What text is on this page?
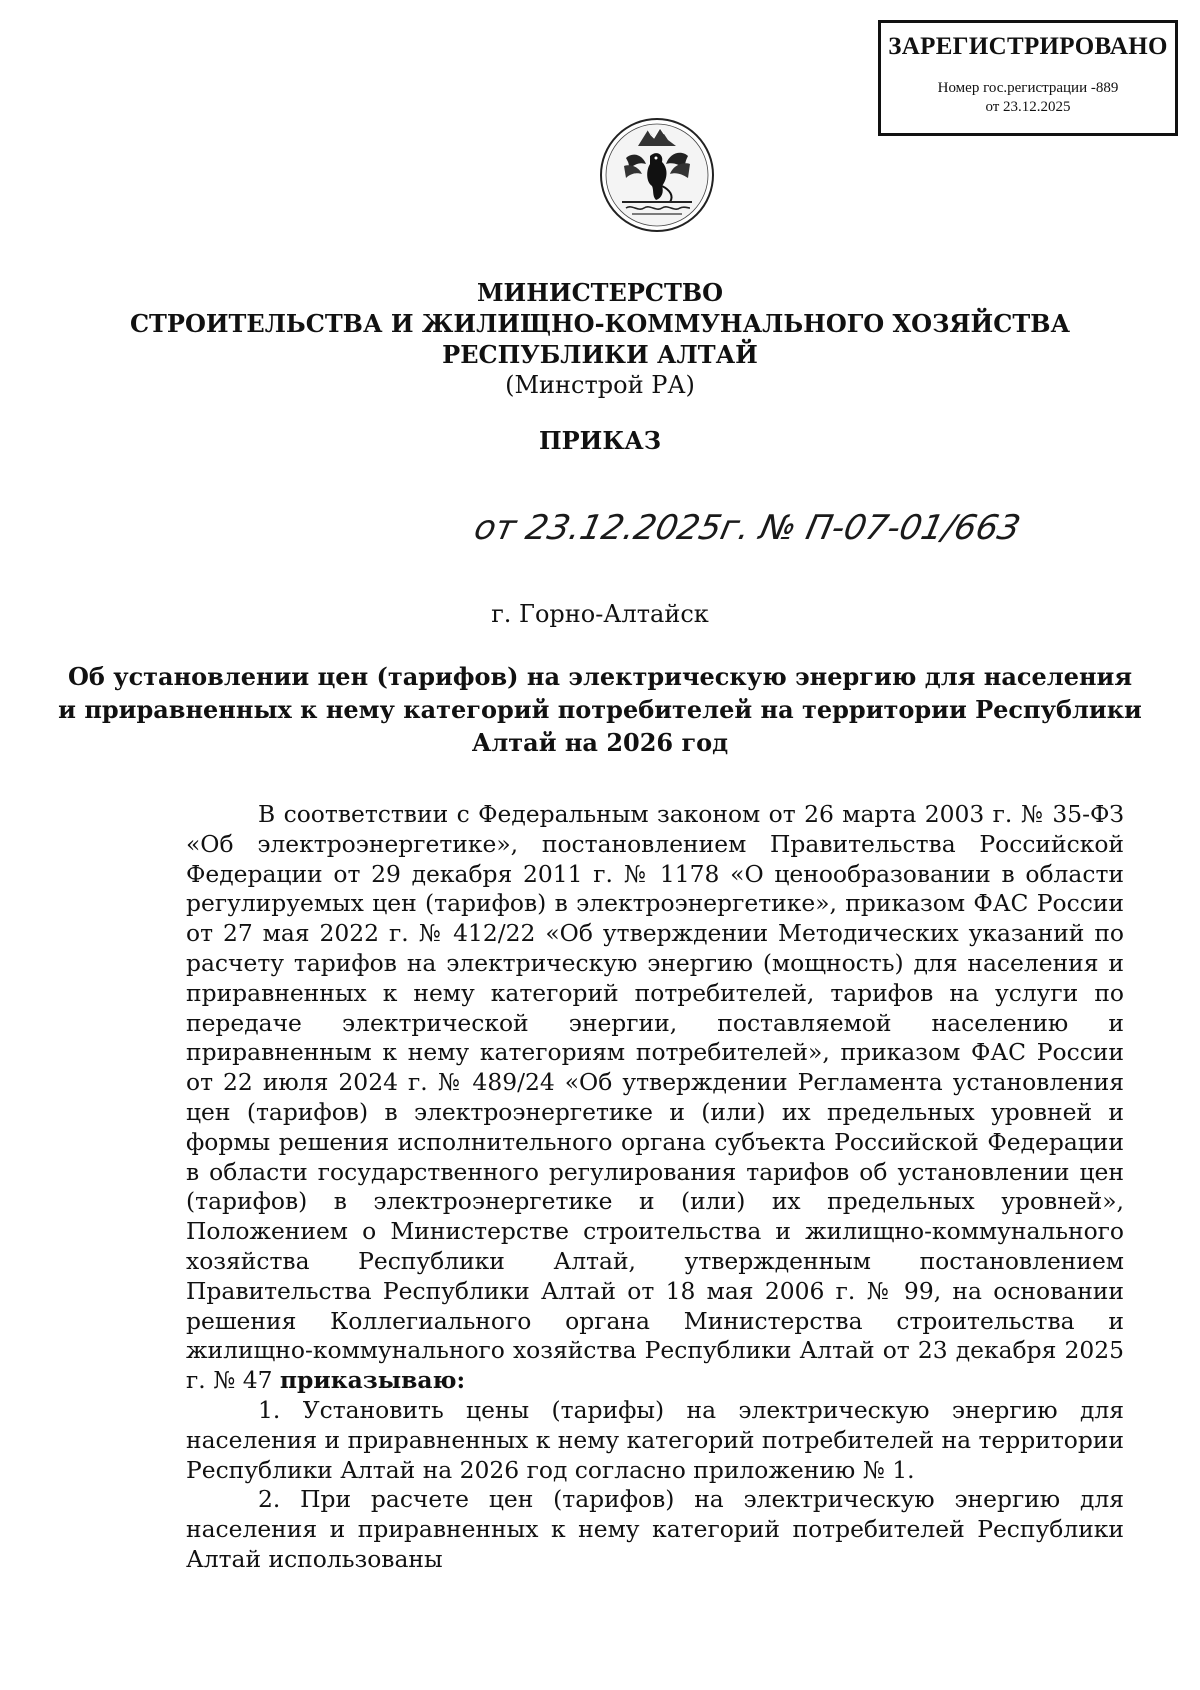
ЗАРЕГИСТРИРОВАНО
Номер гос.регистрации -889
от 23.12.2025
МИНИСТЕРСТВО
СТРОИТЕЛЬСТВА И ЖИЛИЩНО-КОММУНАЛЬНОГО ХОЗЯЙСТВА
РЕСПУБЛИКИ АЛТАЙ
(Минстрой РА)
ПРИКАЗ
от 23.12.2025г. № П-07-01/663
г. Горно-Алтайск
Об установлении цен (тарифов) на электрическую энергию для населения
и приравненных к нему категорий потребителей на территории Республики
Алтай на 2026 год

В соответствии с Федеральным законом от 26 марта 2003 г. № 35-ФЗ «Об электроэнергетике», постановлением Правительства Российской Федерации от 29 декабря 2011 г. № 1178 «О ценообразовании в области регулируемых цен (тарифов) в электроэнергетике», приказом ФАС России от 27 мая 2022 г. № 412/22 «Об утверждении Методических указаний по расчету тарифов на электрическую энергию (мощность) для населения и приравненных к нему категорий потребителей, тарифов на услуги по передаче электрической энергии, поставляемой населению и приравненным к нему категориям потребителей», приказом ФАС России от 22 июля 2024 г. № 489/24 «Об утверждении Регламента установления цен (тарифов) в электроэнергетике и (или) их предельных уровней и формы решения исполнительного органа субъекта Российской Федерации в области государственного регулирования тарифов об установлении цен (тарифов) в электроэнергетике и (или) их предельных уровней», Положением о Министерстве строительства и жилищно-коммунального хозяйства Республики Алтай, утвержденным постановлением Правительства Республики Алтай от 18 мая 2006 г. № 99, на основании решения Коллегиального органа Министерства строительства и жилищно-коммунального хозяйства Республики Алтай от 23 декабря 2025 г. № 47 приказываю:

1. Установить цены (тарифы) на электрическую энергию для населения и приравненных к нему категорий потребителей на территории Республики Алтай на 2026 год согласно приложению № 1.

2. При расчете цен (тарифов) на электрическую энергию для населения и приравненных к нему категорий потребителей Республики Алтай использованы
